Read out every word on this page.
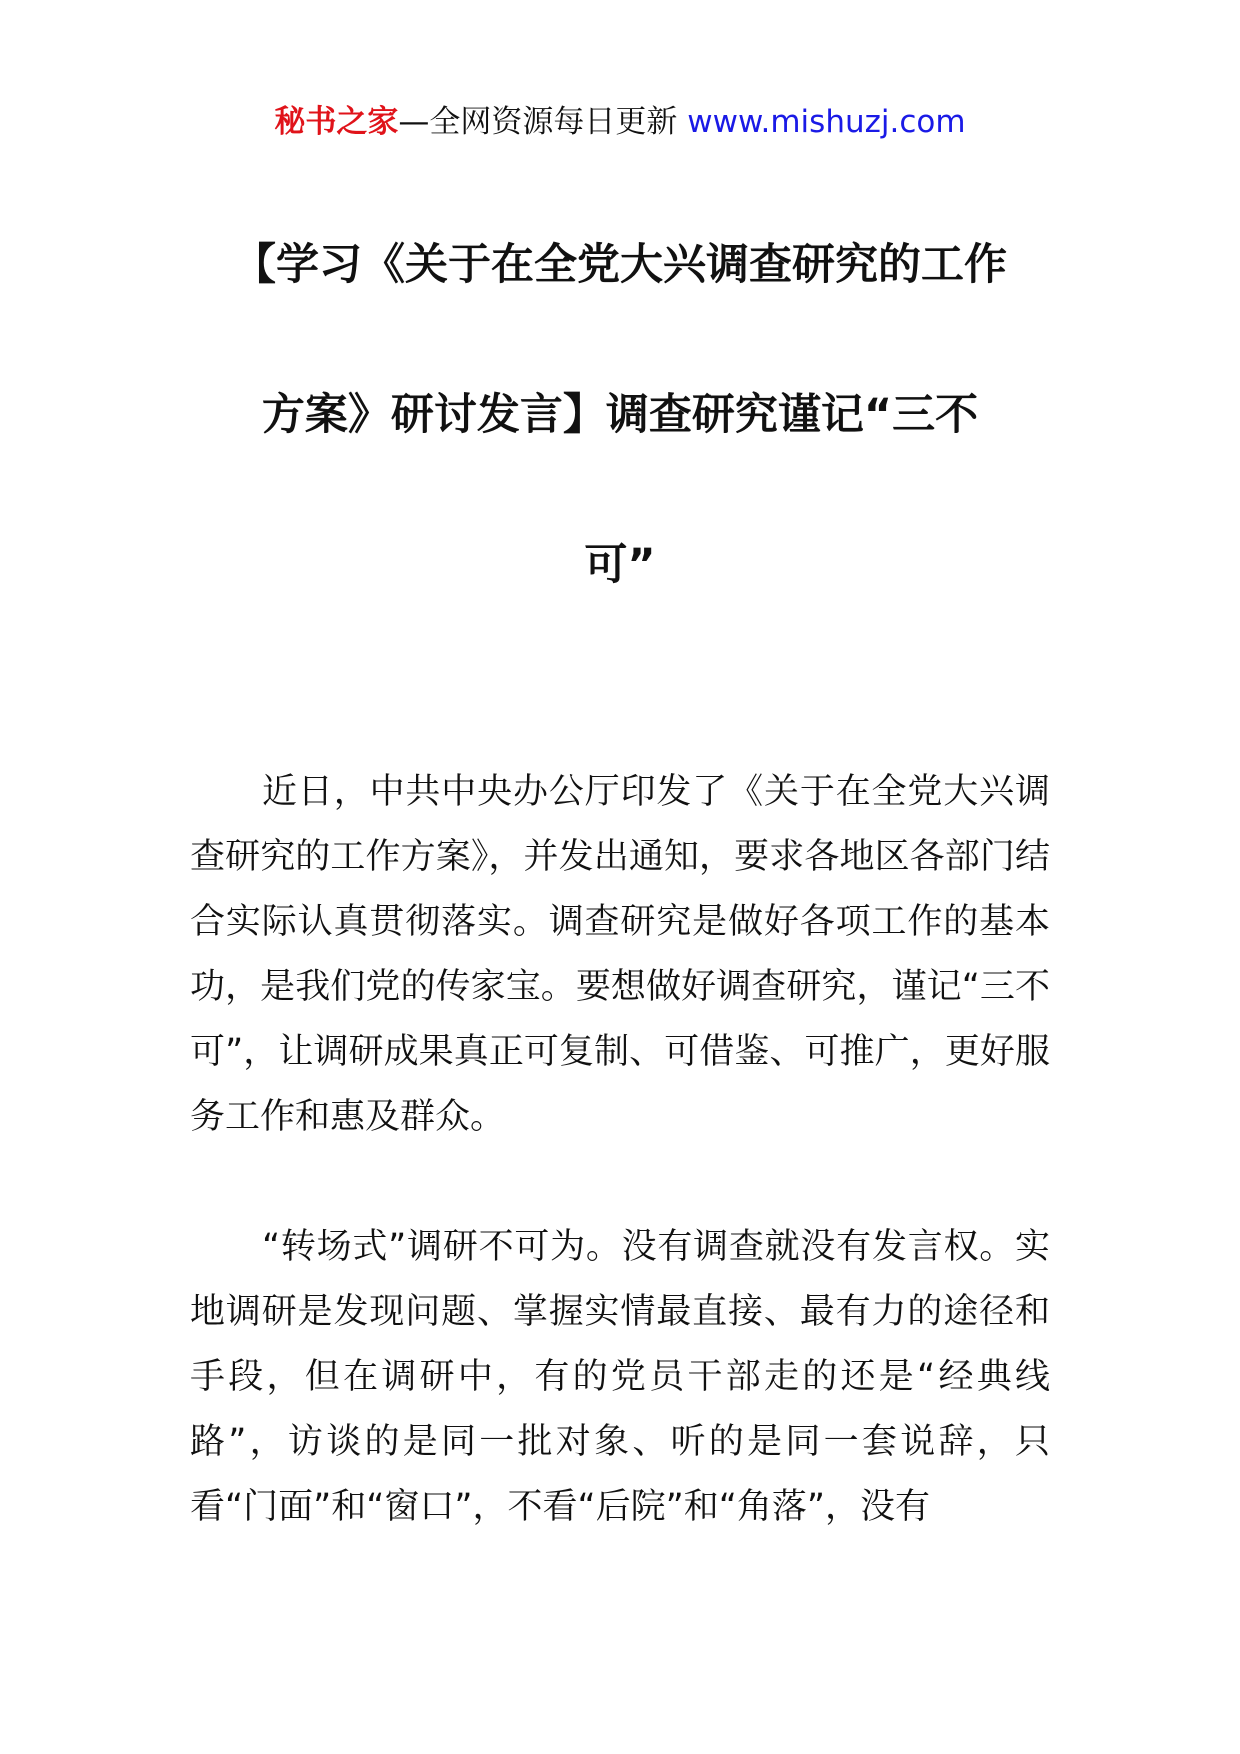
秘书之家—全网资源每日更新 www.mishuzj.com
【学习《关于在全党大兴调查研究的工作
方案》研讨发言】调查研究谨记“三不
可”

近日，中共中央办公厅印发了《关于在全党大兴调查研究的工作方案》，并发出通知，要求各地区各部门结合实际认真贯彻落实。调查研究是做好各项工作的基本功，是我们党的传家宝。要想做好调查研究，谨记“三不可”，让调研成果真正可复制、可借鉴、可推广，更好服务工作和惠及群众。

“转场式”调研不可为。没有调查就没有发言权。实地调研是发现问题、掌握实情最直接、最有力的途径和手段，但在调研中，有的党员干部走的还是“经典线路”，访谈的是同一批对象、听的是同一套说辞，只看“门面”和“窗口”，不看“后院”和“角落”，没有
